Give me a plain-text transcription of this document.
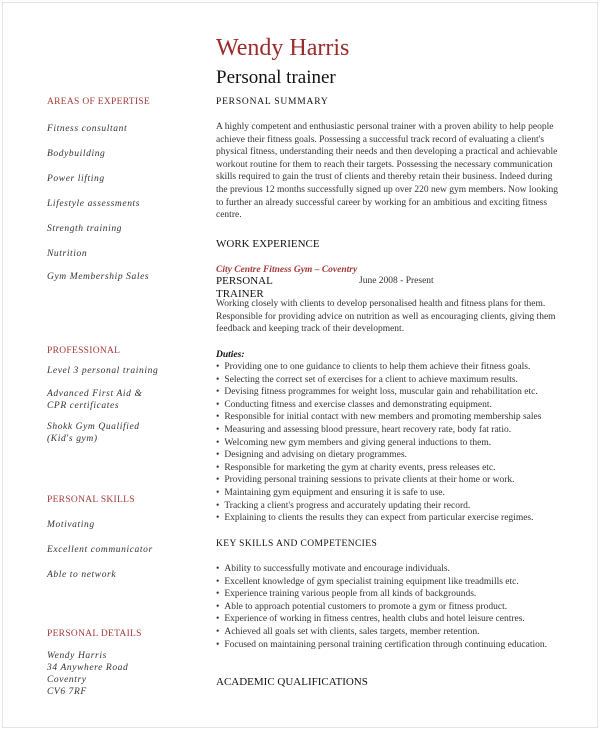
Wendy Harris
Personal trainer
AREAS OF EXPERTISE
Fitness consultant
Bodybuilding
Power lifting
Lifestyle assessments
Strength training
Nutrition
Gym Membership Sales
PROFESSIONAL
Level 3 personal training
Advanced First Aid & CPR certificates
Shokk Gym Qualified (Kid's gym)
PERSONAL SKILLS
Motivating
Excellent communicator
Able to network
PERSONAL DETAILS
Wendy Harris
34 Anywhere Road
Coventry
CV6 7RF
PERSONAL SUMMARY
A highly competent and enthusiastic personal trainer with a proven ability to help people achieve their fitness goals. Possessing a successful track record of evaluating a client's physical fitness, understanding their needs and then developing a practical and achievable workout routine for them to reach their targets. Possessing the necessary communication skills required to gain the trust of clients and thereby retain their business. Indeed during the previous 12 months successfully signed up over 220 new gym members. Now looking to further an already successful career by working for an ambitious and exciting fitness centre.
WORK EXPERIENCE
City Centre Fitness Gym – Coventry
PERSONAL TRAINER
June 2008 - Present
Working closely with clients to develop personalised health and fitness plans for them. Responsible for providing advice on nutrition as well as encouraging clients, giving them feedback and keeping track of their development.
Duties:
• Providing one to one guidance to clients to help them achieve their fitness goals.
• Selecting the correct set of exercises for a client to achieve maximum results.
• Devising fitness programmes for weight loss, muscular gain and rehabilitation etc.
• Conducting fitness and exercise classes and demonstrating equipment.
• Responsible for initial contact with new members and promoting membership sales
• Measuring and assessing blood pressure, heart recovery rate, body fat ratio.
• Welcoming new gym members and giving general inductions to them.
• Designing and advising on dietary programmes.
• Responsible for marketing the gym at charity events, press releases etc.
• Providing personal training sessions to private clients at their home or work.
• Maintaining gym equipment and ensuring it is safe to use.
• Tracking a client's progress and accurately updating their record.
• Explaining to clients the results they can expect from particular exercise regimes.
KEY SKILLS AND COMPETENCIES
• Ability to successfully motivate and encourage individuals.
• Excellent knowledge of gym specialist training equipment like treadmills etc.
• Experience training various people from all kinds of backgrounds.
• Able to approach potential customers to promote a gym or fitness product.
• Experience of working in fitness centres, health clubs and hotel leisure centres.
• Achieved all goals set with clients, sales targets, member retention.
• Focused on maintaining personal training certification through continuing education.
ACADEMIC QUALIFICATIONS
